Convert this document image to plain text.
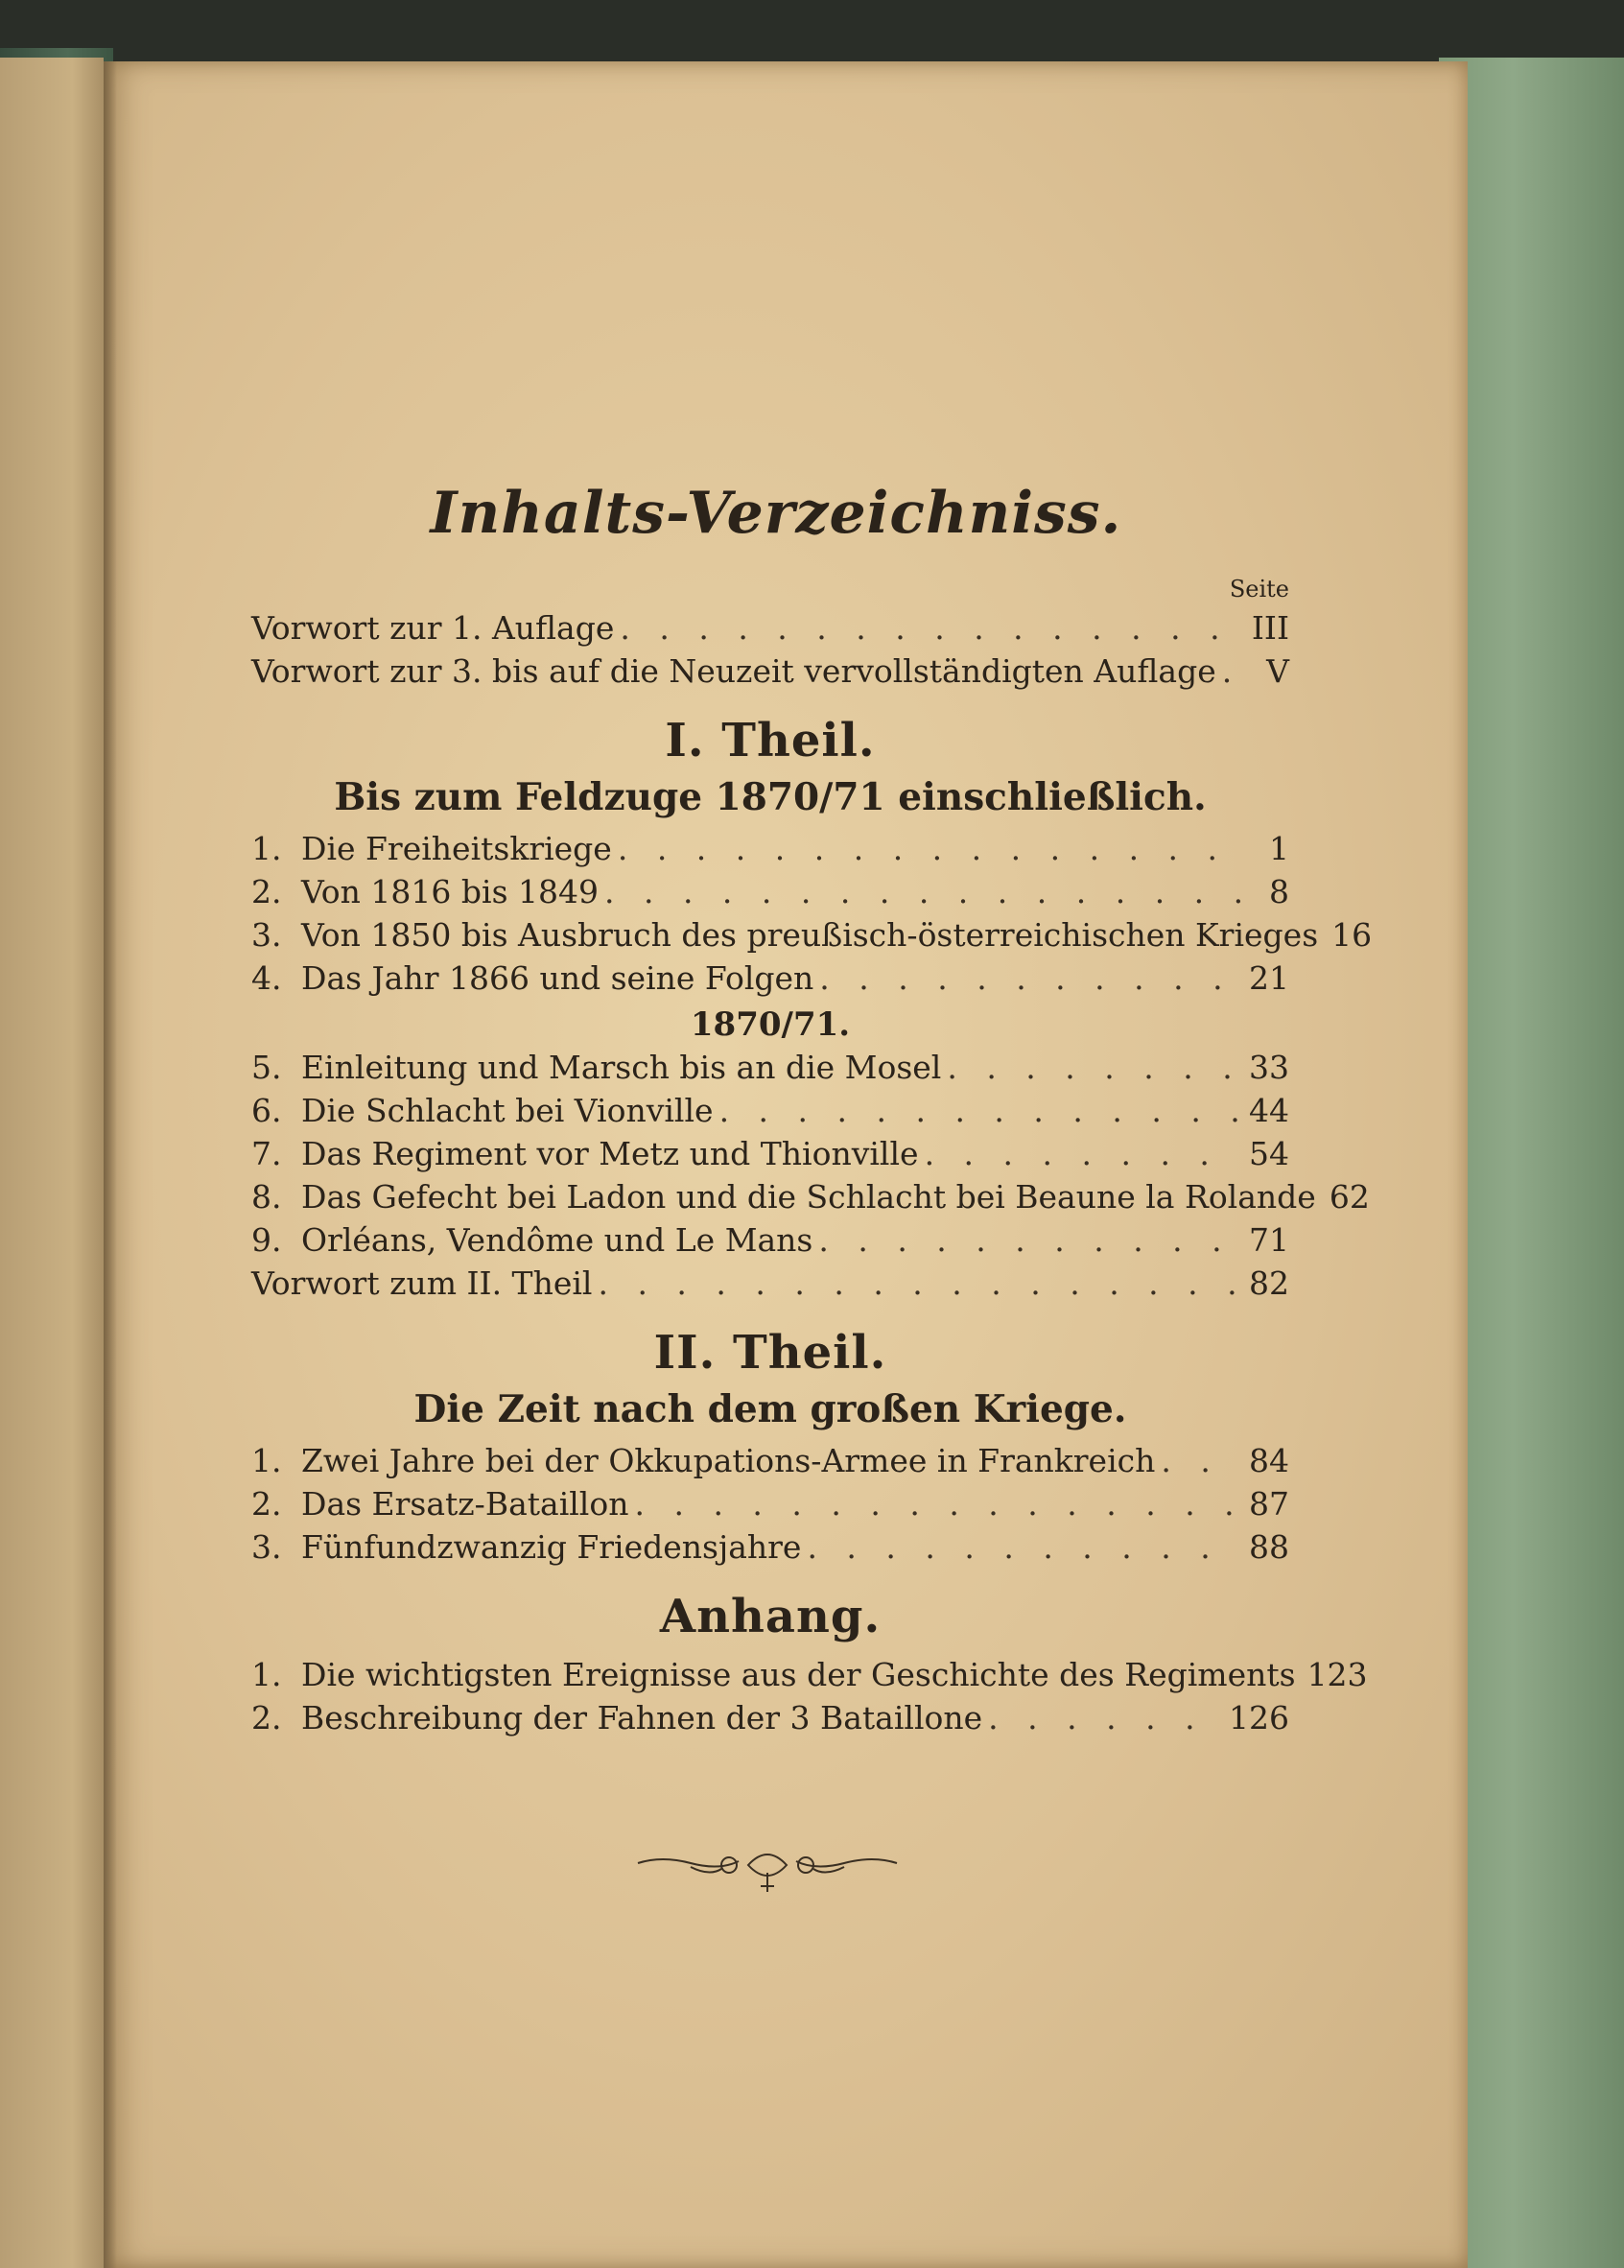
Inhalts-Verzeichniss.
Seite
Vorwort zur 1. Auflage . . .	III
Vorwort zur 3. bis auf die Neuzeit vervollständigten Auflage . . .	V
I. Theil.
Bis zum Feldzuge 1870/71 einschließlich.
1. Die Freiheitskriege . . .	1
2. Von 1816 bis 1849 . . .	8
3. Von 1850 bis Ausbruch des preußisch-österreichischen Krieges 16
4. Das Jahr 1866 und seine Folgen . . .	21
1870/71.
5. Einleitung und Marsch bis an die Mosel . . .	33
6. Die Schlacht bei Vionville . . .	44
7. Das Regiment vor Metz und Thionville . . .	54
8. Das Gefecht bei Ladon und die Schlacht bei Beaune la Rolande 62
9. Orléans, Vendôme und Le Mans . . .	71
Vorwort zum II. Theil . . .	82
II. Theil.
Die Zeit nach dem großen Kriege.
1. Zwei Jahre bei der Okkupations-Armee in Frankreich . . .	84
2. Das Ersatz-Bataillon . . .	87
3. Fünfundzwanzig Friedensjahre . . .	88
Anhang.
1. Die wichtigsten Ereignisse aus der Geschichte des Regiments 123
2. Beschreibung der Fahnen der 3 Bataillone . . .	126
